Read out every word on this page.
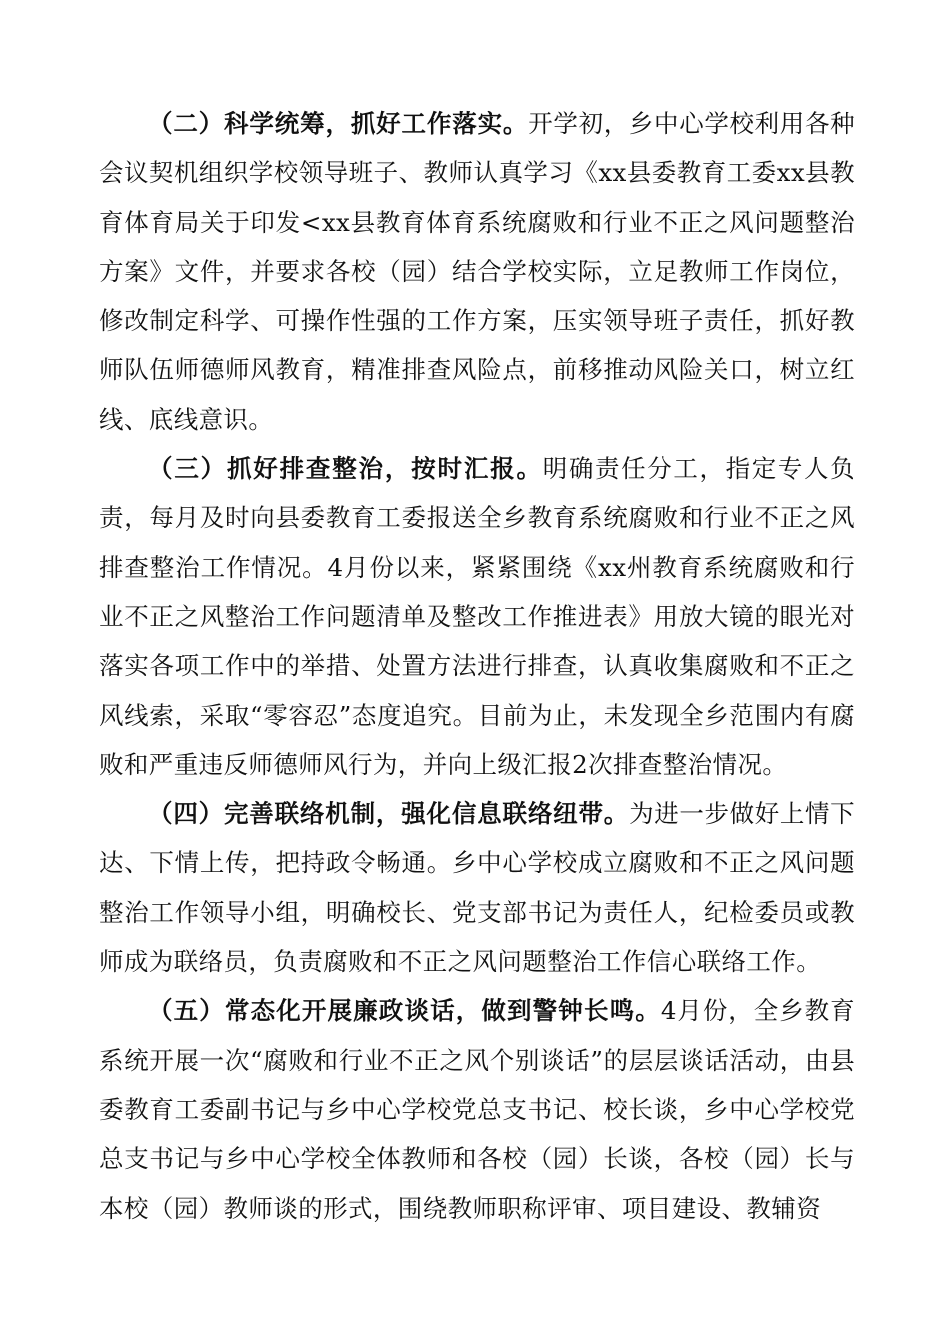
（二）科学统筹，抓好工作落实。开学初，乡中心学校利用各种会议契机组织学校领导班子、教师认真学习《xx县委教育工委xx县教育体育局关于印发<xx县教育体育系统腐败和行业不正之风问题整治方案》文件，并要求各校（园）结合学校实际，立足教师工作岗位，修改制定科学、可操作性强的工作方案，压实领导班子责任，抓好教师队伍师德师风教育，精准排查风险点，前移推动风险关口，树立红线、底线意识。

（三）抓好排查整治，按时汇报。明确责任分工，指定专人负责，每月及时向县委教育工委报送全乡教育系统腐败和行业不正之风排查整治工作情况。4月份以来，紧紧围绕《xx州教育系统腐败和行业不正之风整治工作问题清单及整改工作推进表》用放大镜的眼光对落实各项工作中的举措、处置方法进行排查，认真收集腐败和不正之风线索，采取“零容忍”态度追究。目前为止，未发现全乡范围内有腐败和严重违反师德师风行为，并向上级汇报2次排查整治情况。

（四）完善联络机制，强化信息联络纽带。为进一步做好上情下达、下情上传，把持政令畅通。乡中心学校成立腐败和不正之风问题整治工作领导小组，明确校长、党支部书记为责任人，纪检委员或教师成为联络员，负责腐败和不正之风问题整治工作信心联络工作。

（五）常态化开展廉政谈话，做到警钟长鸣。4月份，全乡教育系统开展一次“腐败和行业不正之风个别谈话”的层层谈话活动，由县委教育工委副书记与乡中心学校党总支书记、校长谈，乡中心学校党总支书记与乡中心学校全体教师和各校（园）长谈，各校（园）长与本校（园）教师谈的形式，围绕教师职称评审、项目建设、教辅资
